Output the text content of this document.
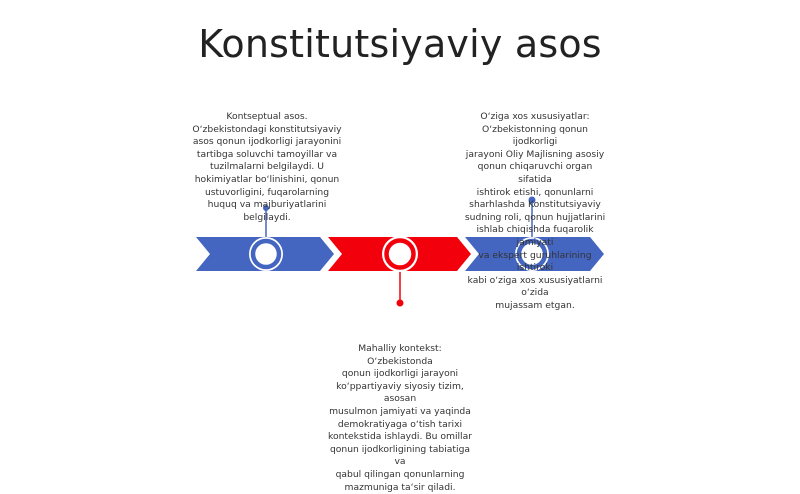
Konstitutsiyaviy asos
Kontseptual asos.
O‘zbekistondagi konstitutsiyaviy
asos qonun ijodkorligi jarayonini
tartibga soluvchi tamoyillar va
tuzilmalarni belgilaydi. U
hokimiyatlar bo‘linishini, qonun
ustuvorligini, fuqarolarning
huquq va majburiyatlarini
belgilaydi.
O‘ziga xos xususiyatlar:
O‘zbekistonning qonun ijodkorligi
jarayoni Oliy Majlisning asosiy
qonun chiqaruvchi organ sifatida
ishtirok etishi, qonunlarni
sharhlashda Konstitutsiyaviy
sudning roli, qonun hujjatlarini
ishlab chiqishda fuqarolik jamiyati
va ekspert guruhlarining ishtiroki
kabi o‘ziga xos xususiyatlarni o‘zida
mujassam etgan.
Mahalliy kontekst: O‘zbekistonda
qonun ijodkorligi jarayoni
ko‘ppartiyaviy siyosiy tizim, asosan
musulmon jamiyati va yaqinda
demokratiyaga o‘tish tarixi
kontekstida ishlaydi. Bu omillar
qonun ijodkorligining tabiatiga va
qabul qilingan qonunlarning
mazmuniga ta‘sir qiladi.
